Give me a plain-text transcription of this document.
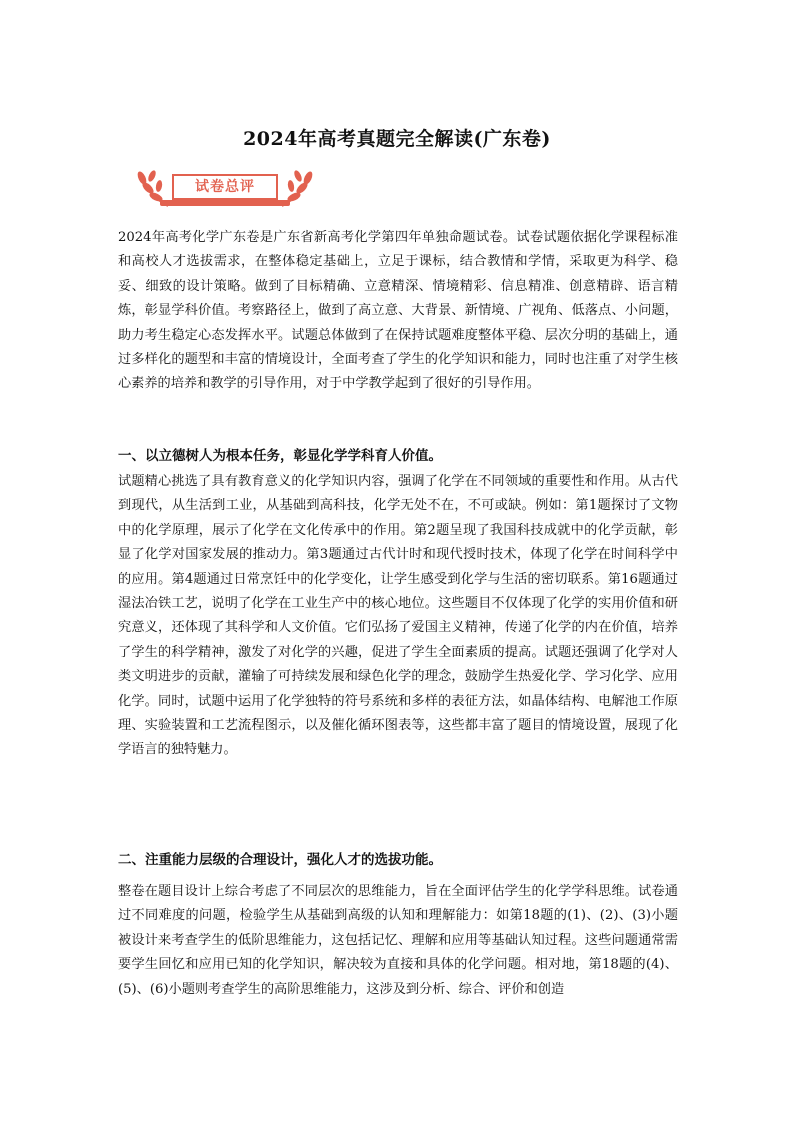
2024年高考真题完全解读(广东卷)
试卷总评

2024年高考化学广东卷是广东省新高考化学第四年单独命题试卷。试卷试题依据化学课程标准和高校人才选拔需求，在整体稳定基础上，立足于课标，结合教情和学情，采取更为科学、稳妥、细致的设计策略。做到了目标精确、立意精深、情境精彩、信息精准、创意精辟、语言精炼，彰显学科价值。考察路径上，做到了高立意、大背景、新情境、广视角、低落点、小问题，助力考生稳定心态发挥水平。试题总体做到了在保持试题难度整体平稳、层次分明的基础上，通过多样化的题型和丰富的情境设计，全面考查了学生的化学知识和能力，同时也注重了对学生核心素养的培养和教学的引导作用，对于中学教学起到了很好的引导作用。

一、以立德树人为根本任务，彰显化学学科育人价值。

试题精心挑选了具有教育意义的化学知识内容，强调了化学在不同领域的重要性和作用。从古代到现代，从生活到工业，从基础到高科技，化学无处不在，不可或缺。例如：第1题探讨了文物中的化学原理，展示了化学在文化传承中的作用。第2题呈现了我国科技成就中的化学贡献，彰显了化学对国家发展的推动力。第3题通过古代计时和现代授时技术，体现了化学在时间科学中的应用。第4题通过日常烹饪中的化学变化，让学生感受到化学与生活的密切联系。第16题通过湿法冶铁工艺，说明了化学在工业生产中的核心地位。这些题目不仅体现了化学的实用价值和研究意义，还体现了其科学和人文价值。它们弘扬了爱国主义精神，传递了化学的内在价值，培养了学生的科学精神，激发了对化学的兴趣，促进了学生全面素质的提高。试题还强调了化学对人类文明进步的贡献，灌输了可持续发展和绿色化学的理念，鼓励学生热爱化学、学习化学、应用化学。同时，试题中运用了化学独特的符号系统和多样的表征方法，如晶体结构、电解池工作原理、实验装置和工艺流程图示，以及催化循环图表等，这些都丰富了题目的情境设置，展现了化学语言的独特魅力。

二、注重能力层级的合理设计，强化人才的选拔功能。

整卷在题目设计上综合考虑了不同层次的思维能力，旨在全面评估学生的化学学科思维。试卷通过不同难度的问题，检验学生从基础到高级的认知和理解能力：如第18题的(1)、(2)、(3)小题被设计来考查学生的低阶思维能力，这包括记忆、理解和应用等基础认知过程。这些问题通常需要学生回忆和应用已知的化学知识，解决较为直接和具体的化学问题。相对地，第18题的(4)、(5)、(6)小题则考查学生的高阶思维能力，这涉及到分析、综合、评价和创造
